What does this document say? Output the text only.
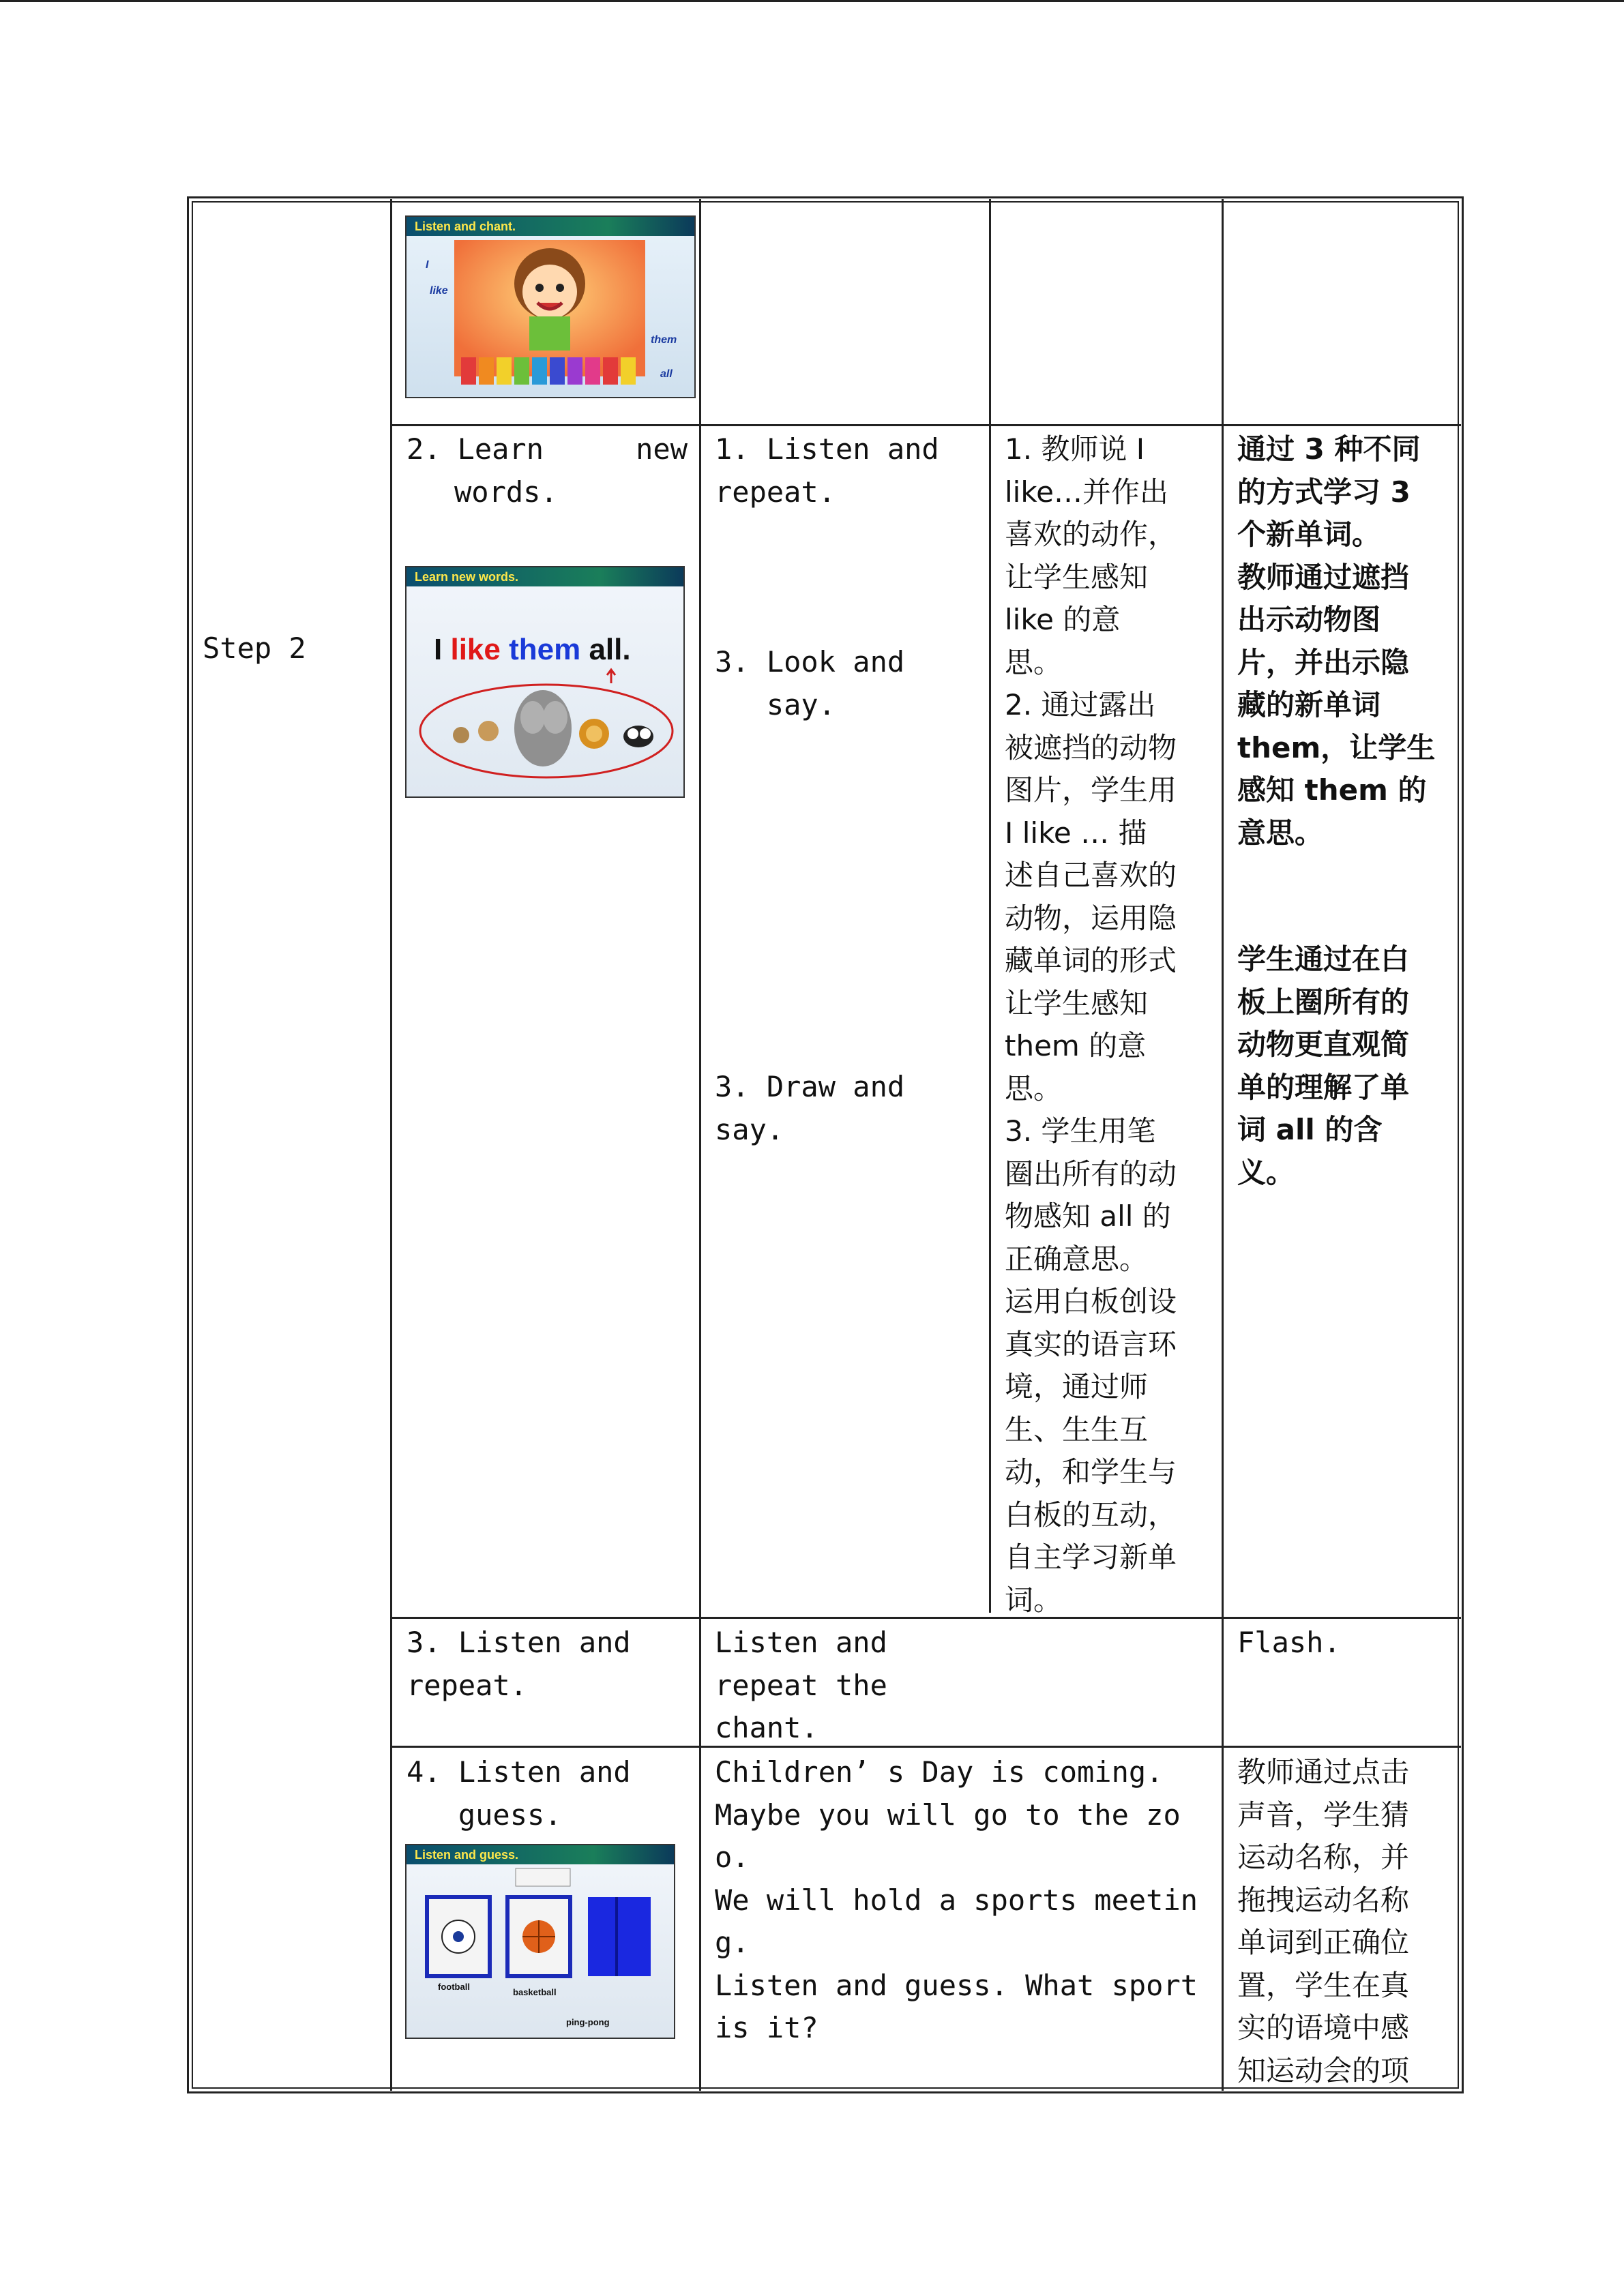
Step 2
Listen and chant.
I
like
them
all
2. Learn	new
words.
Learn new words.
I like them all.
1. Listen and
repeat.
3. Look and
say.
3. Draw and
say.
1. 教师说 I
like…并作出
喜欢的动作，
让学生感知
like 的意
思。
2. 通过露出
被遮挡的动物
图片，学生用
I like … 描
述自己喜欢的
动物，运用隐
藏单词的形式
让学生感知
them 的意
思。
3. 学生用笔
圈出所有的动
物感知 all 的
正确意思。
运用白板创设
真实的语言环
境，通过师
生、生生互
动，和学生与
白板的互动，
自主学习新单
词。
通过 3 种不同
的方式学习 3
个新单词。
教师通过遮挡
出示动物图
片，并出示隐
藏的新单词
them，让学生
感知 them 的
意思。
学生通过在白
板上圈所有的
动物更直观简
单的理解了单
词 all 的含
义。
3. Listen and
repeat.
Listen and
repeat the
chant.
Flash.
4. Listen and
guess.
Listen and guess.
football
basketball
ping-pong
Children’ s Day is coming.
Maybe you will go to the zoo.
We will hold a sports meeting.
Listen and guess. What sport
is it?
教师通过点击
声音，学生猜
运动名称，并
拖拽运动名称
单词到正确位
置，学生在真
实的语境中感
知运动会的项
